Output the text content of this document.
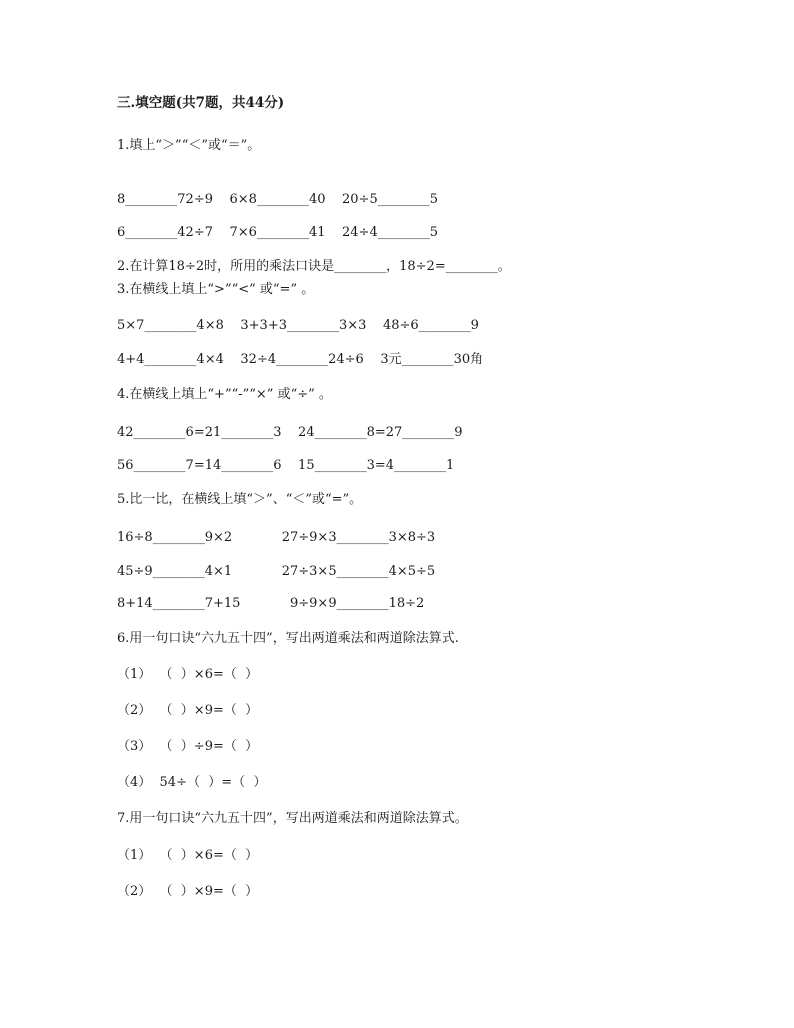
三.填空题(共7题，共44分)
1.填上“＞”“＜”或“＝”。
8________72÷9    6×8________40    20÷5________5
6________42÷7    7×6________41    24÷4________5
2.在计算18÷2时，所用的乘法口诀是________，18÷2=________。
3.在横线上填上“>”“<” 或“=” 。
5×7________4×8    3+3+3________3×3    48÷6________9
4+4________4×4    32÷4________24÷6    3元________30角
4.在横线上填上“+”“-”“×” 或“÷” 。
42________6=21________3    24________8=27________9
56________7=14________6    15________3=4________1
5.比一比，在横线上填“＞”、“＜”或“=”。
16÷8________9×2            27÷9×3________3×8÷3
45÷9________4×1            27÷3×5________4×5÷5
8+14________7+15            9÷9×9________18÷2
6.用一句口诀“六九五十四”，写出两道乘法和两道除法算式.
（1）  （  ）×6=（  ）
（2）  （  ）×9=（  ）
（3）  （  ）÷9=（  ）
（4）  54÷（  ）=（  ）
7.用一句口诀“六九五十四”，写出两道乘法和两道除法算式。
（1）  （  ）×6=（  ）
（2）  （  ）×9=（  ）
